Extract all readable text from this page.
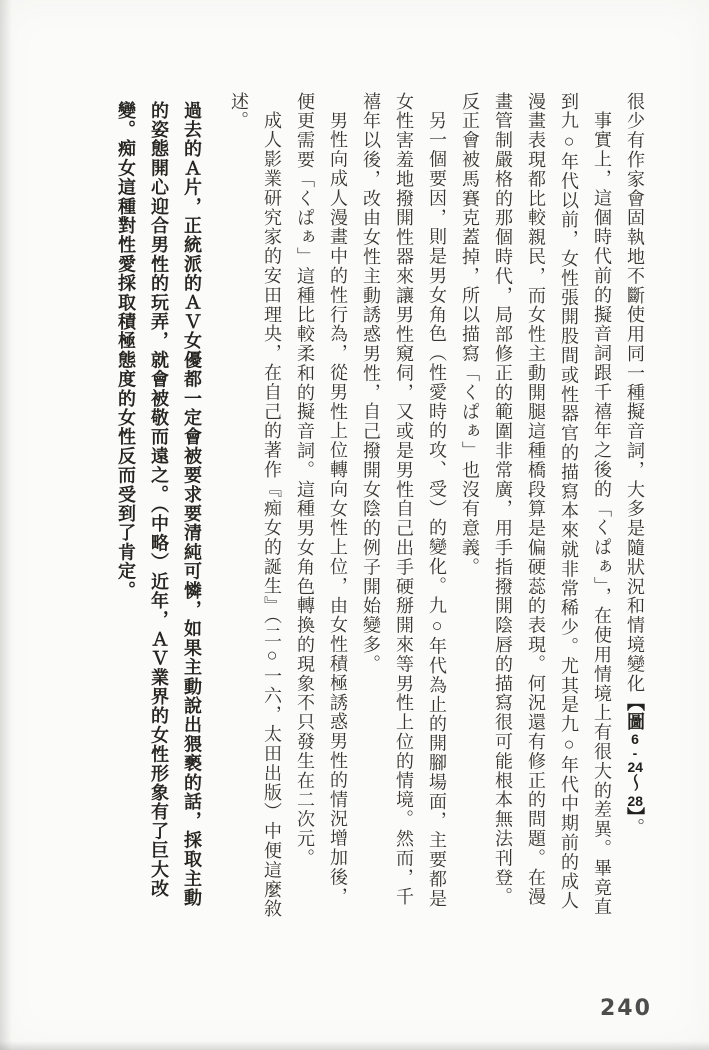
很少有作家會固執地不斷使用同一種擬音詞，大多是隨狀況和情境變化【圖6-24～28】。

事實上，這個時代前的擬音詞跟千禧年之後的「くぱぁ」，在使用情境上有很大的差異。畢竟直到九○年代以前，女性張開股間或性器官的描寫本來就非常稀少。尤其是九○年代中期前的成人漫畫表現都比較親民，而女性主動開腿這種橋段算是偏硬蕊的表現。何況還有修正的問題。在漫畫管制嚴格的那個時代，局部修正的範圍非常廣，用手指撥開陰唇的描寫很可能根本無法刊登。反正會被馬賽克蓋掉，所以描寫「くぱぁ」也沒有意義。

另一個要因，則是男女角色（性愛時的攻、受）的變化。九○年代為止的開腳場面，主要都是女性害羞地撥開性器來讓男性窺伺，又或是男性自己出手硬掰開來等男性上位的情境。然而，千禧年以後，改由女性主動誘惑男性，自己撥開女陰的例子開始變多。

男性向成人漫畫中的性行為，從男性上位轉向女性上位，由女性積極誘惑男性的情況增加後，便更需要「くぱぁ」這種比較柔和的擬音詞。這種男女角色轉換的現象不只發生在二次元。

成人影業研究家的安田理央，在自己的著作『痴女的誕生』（二○一六，太田出版）中便這麼敘述。

過去的Ａ片，正統派的ＡＶ女優都一定會被要求要清純可憐，如果主動說出猥褻的話，採取主動的姿態開心迎合男性的玩弄，就會被敬而遠之。（中略）近年，ＡＶ業界的女性形象有了巨大改變。痴女這種對性愛採取積極態度的女性反而受到了肯定。
240
